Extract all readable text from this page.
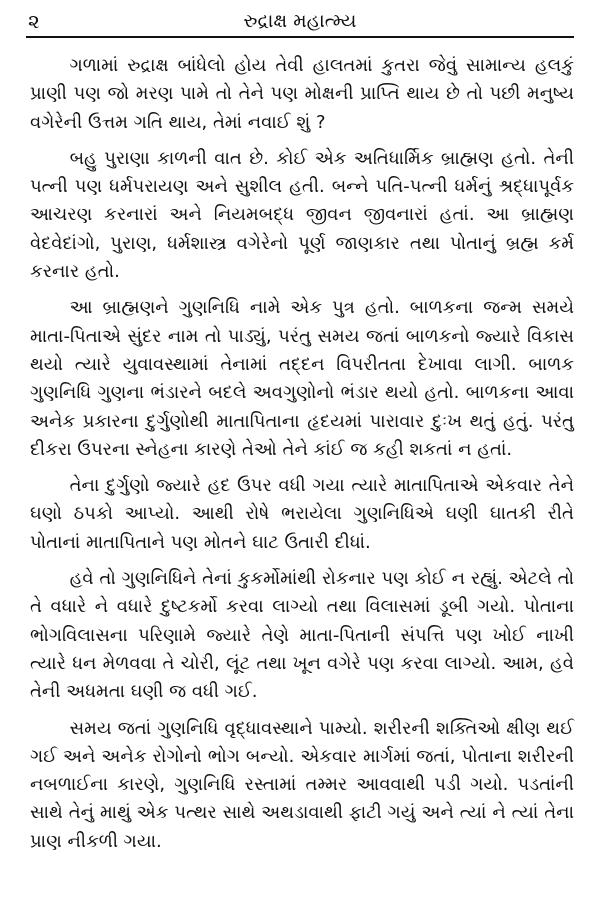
૨	રુદ્રાક્ષ મહાત્મ્ય

ગળામાં રુદ્રાક્ષ બાંધેલો હોય તેવી હાલતમાં કુતરા જેવું સામાન્ય હલકું પ્રાણી પણ જો મરણ પામે તો તેને પણ મોક્ષની પ્રાપ્તિ થાય છે તો પછી મનુષ્ય વગેરેની ઉત્તમ ગતિ થાય, તેમાં નવાઈ શું ?

બહુ પુરાણા કાળની વાત છે. કોઈ એક અતિધાર્મિક બ્રાહ્મણ હતો. તેની પત્ની પણ ધર્મપરાયણ અને સુશીલ હતી. બન્ને પતિ-પત્ની ધર્મનું શ્રદ્ધાપૂર્વક આચરણ કરનારાં અને નિયમબદ્ધ જીવન જીવનારાં હતાં. આ બ્રાહ્મણ વેદવેદાંગો, પુરાણ, ધર્મશાસ્ત્ર વગેરેનો પૂર્ણ જાણકાર તથા પોતાનું બ્રહ્મ કર્મ કરનાર હતો.

આ બ્રાહ્મણને ગુણનિધિ નામે એક પુત્ર હતો. બાળકના જન્મ સમયે માતા-પિતાએ સુંદર નામ તો પાડ્યું, પરંતુ સમય જતાં બાળકનો જ્યારે વિકાસ થયો ત્યારે યુવાવસ્થામાં તેનામાં તદ્દન વિપરીતતા દેખાવા લાગી. બાળક ગુણનિધિ ગુણના ભંડારને બદલે અવગુણોનો ભંડાર થયો હતો. બાળકના આવા અનેક પ્રકારના દુર્ગુણોથી માતાપિતાના હૃદયમાં પારાવાર દુઃખ થતું હતું. પરંતુ દીકરા ઉપરના સ્નેહના કારણે તેઓ તેને કાંઈ જ કહી શકતાં ન હતાં.

તેના દુર્ગુણો જ્યારે હદ ઉપર વધી ગયા ત્યારે માતાપિતાએ એકવાર તેને ઘણો ઠપકો આપ્યો. આથી રોષે ભરાયેલા ગુણનિધિએ ઘણી ઘાતકી રીતે પોતાનાં માતાપિતાને પણ મોતને ઘાટ ઉતારી દીધાં.

હવે તો ગુણનિધિને તેનાં કુકર્મોમાંથી રોકનાર પણ કોઈ ન રહ્યું. એટલે તો તે વધારે ને વધારે દુષ્ટકર્મો કરવા લાગ્યો તથા વિલાસમાં ડૂબી ગયો. પોતાના ભોગવિલાસના પરિણામે જ્યારે તેણે માતા-પિતાની સંપત્તિ પણ ખોઈ નાખી ત્યારે ધન મેળવવા તે ચોરી, લૂંટ તથા ખૂન વગેરે પણ કરવા લાગ્યો. આમ, હવે તેની અધમતા ઘણી જ વધી ગઈ.

સમય જતાં ગુણનિધિ વૃદ્ધાવસ્થાને પામ્યો. શરીરની શક્તિઓ ક્ષીણ થઈ ગઈ અને અનેક રોગોનો ભોગ બન્યો. એકવાર માર્ગમાં જતાં, પોતાના શરીરની નબળાઈના કારણે, ગુણનિધિ રસ્તામાં તમ્મર આવવાથી પડી ગયો. પડતાંની સાથે તેનું માથું એક પત્થર સાથે અથડાવાથી ફાટી ગયું અને ત્યાં ને ત્યાં તેના પ્રાણ નીકળી ગયા.
